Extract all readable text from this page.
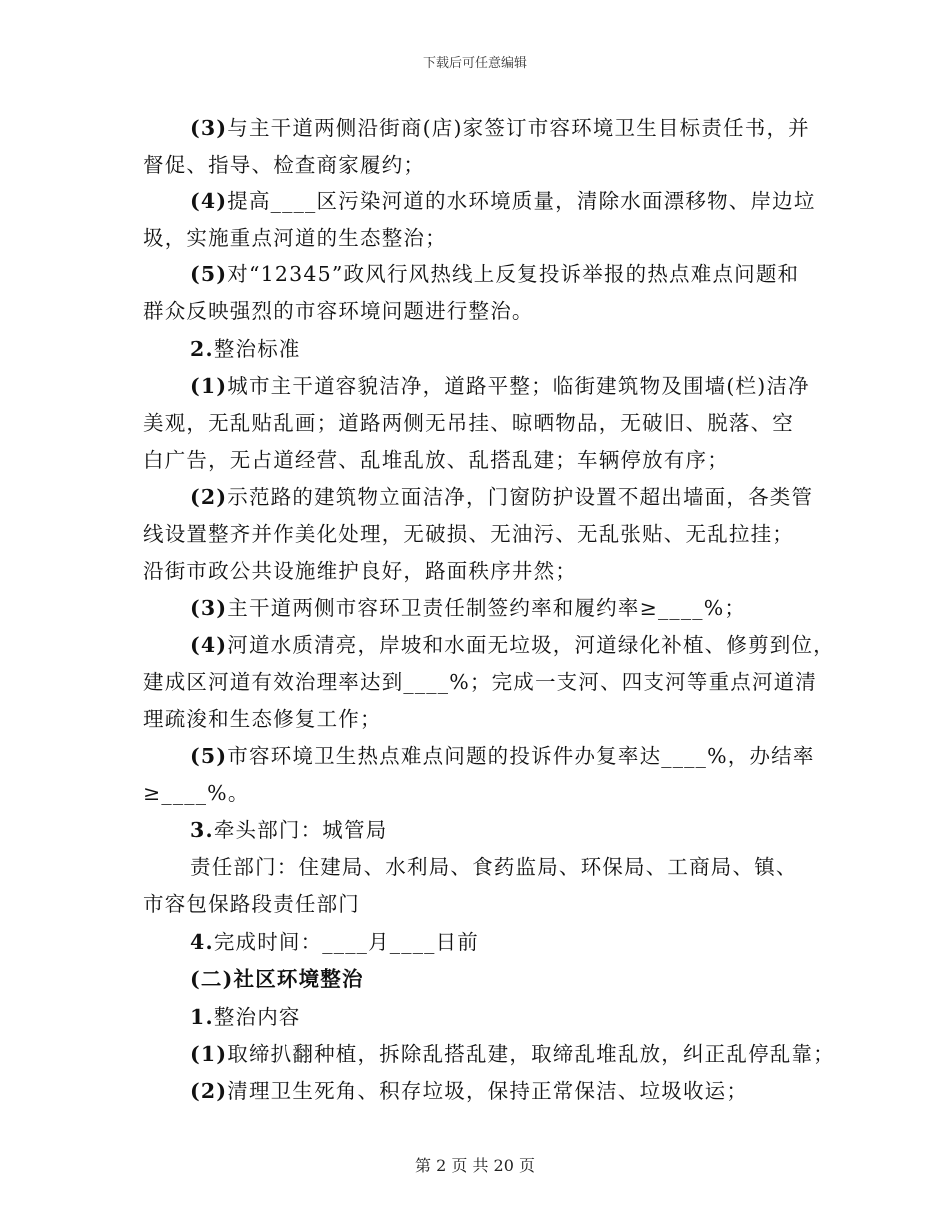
下载后可任意编辑
(3)与主干道两侧沿街商(店)家签订市容环境卫生目标责任书，并
督促、指导、检查商家履约；
(4)提高____区污染河道的水环境质量，清除水面漂移物、岸边垃
圾，实施重点河道的生态整治；
(5)对“12345”政风行风热线上反复投诉举报的热点难点问题和
群众反映强烈的市容环境问题进行整治。
2.整治标准
(1)城市主干道容貌洁净，道路平整；临街建筑物及围墙(栏)洁净
美观，无乱贴乱画；道路两侧无吊挂、晾晒物品，无破旧、脱落、空
白广告，无占道经营、乱堆乱放、乱搭乱建；车辆停放有序；
(2)示范路的建筑物立面洁净，门窗防护设置不超出墙面，各类管
线设置整齐并作美化处理，无破损、无油污、无乱张贴、无乱拉挂；
沿街市政公共设施维护良好，路面秩序井然；
(3)主干道两侧市容环卫责任制签约率和履约率≥____%；
(4)河道水质清亮，岸坡和水面无垃圾，河道绿化补植、修剪到位，
建成区河道有效治理率达到____%；完成一支河、四支河等重点河道清
理疏浚和生态修复工作；
(5)市容环境卫生热点难点问题的投诉件办复率达____%，办结率
≥____%。
3.牵头部门：城管局
责任部门：住建局、水利局、食药监局、环保局、工商局、镇、
市容包保路段责任部门
4.完成时间：____月____日前
(二)社区环境整治
1.整治内容
(1)取缔扒翻种植，拆除乱搭乱建，取缔乱堆乱放，纠正乱停乱靠；
(2)清理卫生死角、积存垃圾，保持正常保洁、垃圾收运；
第 2 页 共 20 页
